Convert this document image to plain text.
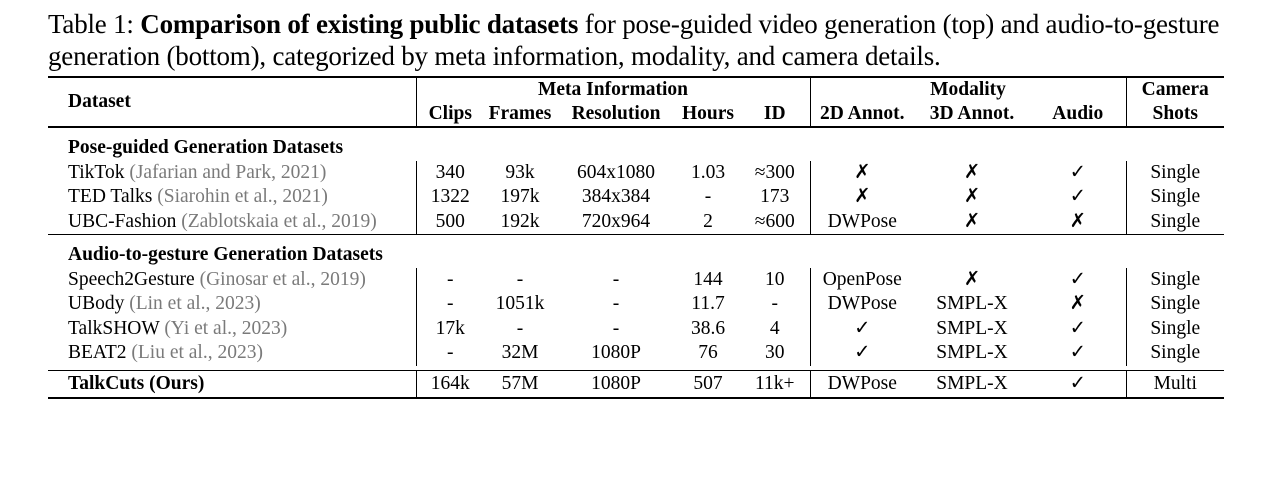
Table 1: Comparison of existing public datasets for pose-guided video generation (top) and audio-to-gesture generation (bottom), categorized by meta information, modality, and camera details.
Dataset	Meta Information					Modality			Camera
	Clips	Frames	Resolution	Hours	ID	2D Annot.	3D Annot.	Audio	Shots

Pose-guided Generation Datasets									
TikTok (Jafarian and Park, 2021)	340	93k	604x1080	1.03	≈300	✗	✗	✓	Single
TED Talks (Siarohin et al., 2021)	1322	197k	384x384	-	173	✗	✗	✓	Single
UBC-Fashion (Zablotskaia et al., 2019)	500	192k	720x964	2	≈600	DWPose	✗	✗	Single

Audio-to-gesture Generation Datasets									
Speech2Gesture (Ginosar et al., 2019)	-	-	-	144	10	OpenPose	✗	✓	Single
UBody (Lin et al., 2023)	-	1051k	-	11.7	-	DWPose	SMPL-X	✗	Single
TalkSHOW (Yi et al., 2023)	17k	-	-	38.6	4	✓	SMPL-X	✓	Single
BEAT2 (Liu et al., 2023)	-	32M	1080P	76	30	✓	SMPL-X	✓	Single

TalkCuts (Ours)	164k	57M	1080P	507	11k+	DWPose	SMPL-X	✓	Multi
